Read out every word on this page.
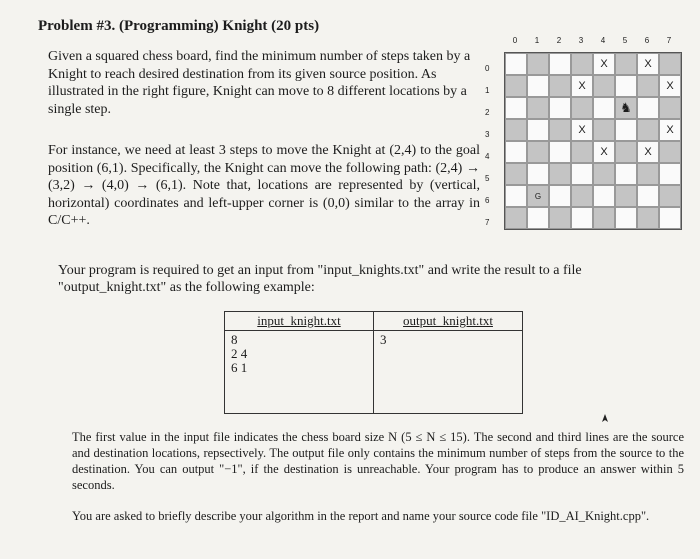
Problem #3. (Programming) Knight (20 pts)
Given a squared chess board, find the minimum number of steps taken by a Knight to reach desired destination from its given source position. As illustrated in the right figure, Knight can move to 8 different locations by a single step.
For instance, we need at least 3 steps to move the Knight at (2,4) to the goal position (6,1). Specifically, the Knight can move the following path: (2,4) → (3,2) → (4,0) → (6,1). Note that, locations are represented by (vertical, horizontal) coordinates and left-upper corner is (0,0) similar to the array in C/C++.
0	1	2	3	4	5	6	7
0
1
2
3
4
5
6
7
X	X
X	X
♞
X	X
X	X
G
Your program is required to get an input from "input_knights.txt" and write the result to a file "output_knight.txt" as the following example:
input_knight.txt	output_knight.txt

8
2 4
6 1	3
The first value in the input file indicates the chess board size N (5 ≤ N ≤ 15). The second and third lines are the source and destination locations, repsectively. The output file only contains the minimum number of steps from the source to the destination. You can output "−1", if the destination is unreachable. Your program has to produce an answer within 5 seconds.
You are asked to briefly describe your algorithm in the report and name your source code file "ID_AI_Knight.cpp".
